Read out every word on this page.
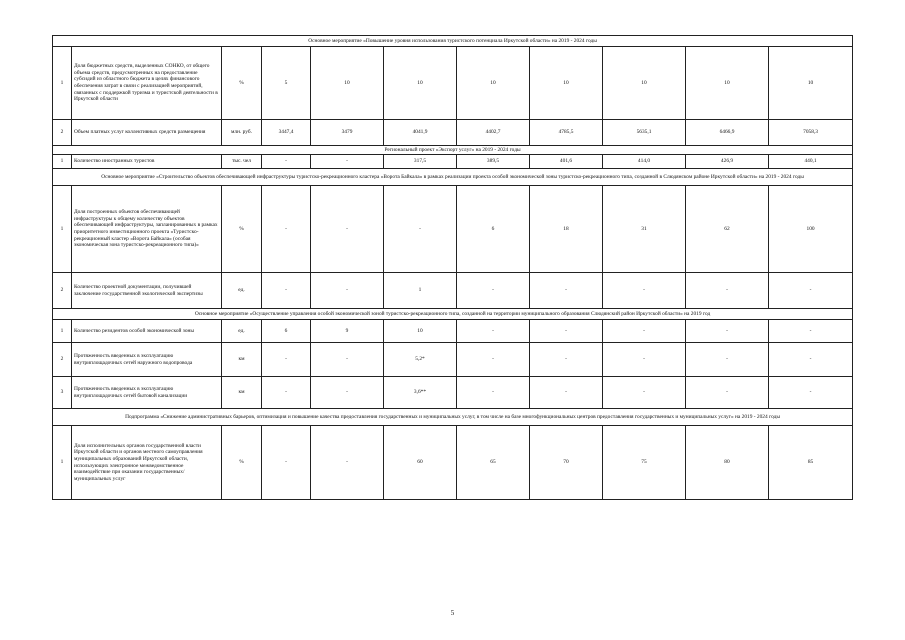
Основное мероприятие «Повышение уровня использования туристского потенциала Иркутской области» на 2019 - 2024 годы										
1	Доля бюджетных средств, выделенных СОНКО, от общего объема средств, предусмотренных на предоставление субсидий из областного бюджета в целях финансового обеспечения затрат в связи с реализацией мероприятий, связанных с поддержкой туризма и туристской деятельности в Иркутской области	%	5	10	10	10	10	10	10	10
2	Объем платных услуг коллективных средств размещения	млн. руб.	3447,4	3479	4041,9	4402,7	4785,5	5635,1	6466,9	7058,3
Региональный проект «Экспорт услуг» на 2019 - 2024 годы										
1	Количество иностранных туристов	тыс. чел	-	-	317,5	389,5	401,6	414,0	426,9	440,1
Основное мероприятие «Строительство объектов обеспечивающей инфраструктуры туристско-рекреационного кластера «Ворота Байкала» в рамках реализации проекта особой экономической зоны туристско-рекреационного типа, созданной в Слюдянском районе Иркутской области» на 2019 - 2024 годы										
1	Доля построенных объектов обеспечивающей инфраструктуры к общему количеству объектов обеспечивающей инфраструктуры, запланированных в рамках приоритетного инвестиционного проекта «Туристско-рекреационный кластер «Ворота Байкала» (особая экономическая зона туристско-рекреационного типа)»	%	-	-	-	6	18	31	62	100
2	Количество проектной документации, получившей заключение государственной экологической экспертизы	ед.	-	-	1	-	-	-	-	-
Основное мероприятие «Осуществление управления особой экономической зоной туристско-рекреационного типа, созданной на территории муниципального образования Слюдянский район Иркутской области» на 2019 год										
1	Количество резидентов особой экономической зоны	ед.	6	9	10	-	-	-	-	-
2	Протяженность введенных в эксплуатацию внутриплощадочных сетей наружного водопровода	км	-	-	5,2*	-	-	-	-	-
3	Протяженность введенных в эксплуатацию внутриплощадочных сетей бытовой канализации	км	-	-	3,6**	-	-	-	-	-
Подпрограмма «Снижение административных барьеров, оптимизация и повышение качества предоставления государственных и муниципальных услуг, в том числе на базе многофункциональных центров предоставления государственных и муниципальных услуг» на 2019 - 2024 годы										
1	Доля исполнительных органов государственной власти Иркутской области и органов местного самоуправления муниципальных образований Иркутской области, использующих электронное межведомственное взаимодействие при оказании государственных/муниципальных услуг	%	-	-	60	65	70	75	80	85
5
